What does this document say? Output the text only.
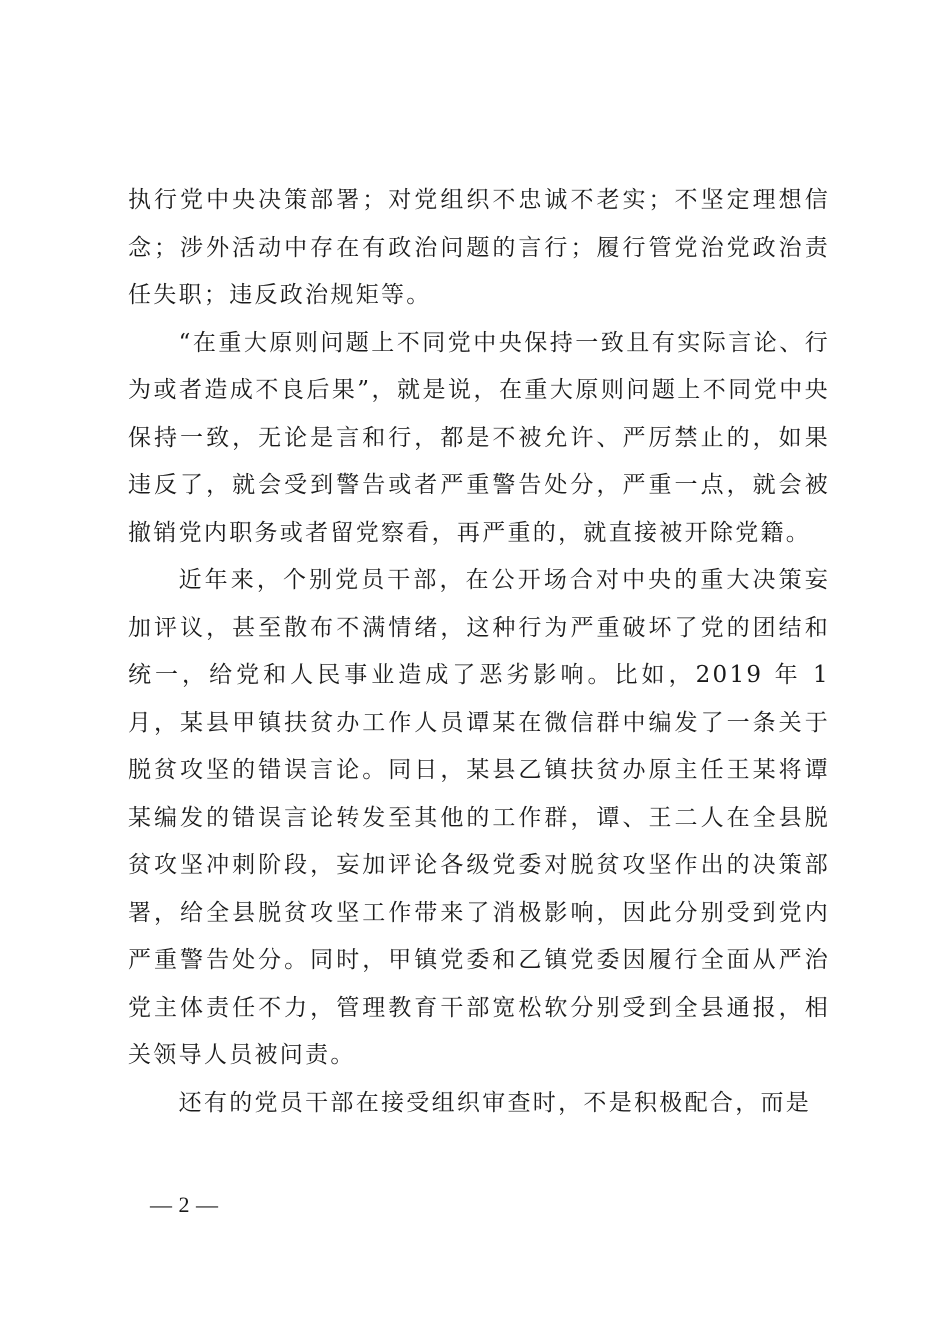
执行党中央决策部署；对党组织不忠诚不老实；不坚定理想信念；涉外活动中存在有政治问题的言行；履行管党治党政治责任失职；违反政治规矩等。

“在重大原则问题上不同党中央保持一致且有实际言论、行为或者造成不良后果”，就是说，在重大原则问题上不同党中央保持一致，无论是言和行，都是不被允许、严厉禁止的，如果违反了，就会受到警告或者严重警告处分，严重一点，就会被撤销党内职务或者留党察看，再严重的，就直接被开除党籍。

近年来，个别党员干部，在公开场合对中央的重大决策妄加评议，甚至散布不满情绪，这种行为严重破坏了党的团结和统一，给党和人民事业造成了恶劣影响。比如，2019 年 1 月，某县甲镇扶贫办工作人员谭某在微信群中编发了一条关于脱贫攻坚的错误言论。同日，某县乙镇扶贫办原主任王某将谭某编发的错误言论转发至其他的工作群，谭、王二人在全县脱贫攻坚冲刺阶段，妄加评论各级党委对脱贫攻坚作出的决策部署，给全县脱贫攻坚工作带来了消极影响，因此分别受到党内严重警告处分。同时，甲镇党委和乙镇党委因履行全面从严治党主体责任不力，管理教育干部宽松软分别受到全县通报，相关领导人员被问责。

还有的党员干部在接受组织审查时，不是积极配合，而是

— 2 —
